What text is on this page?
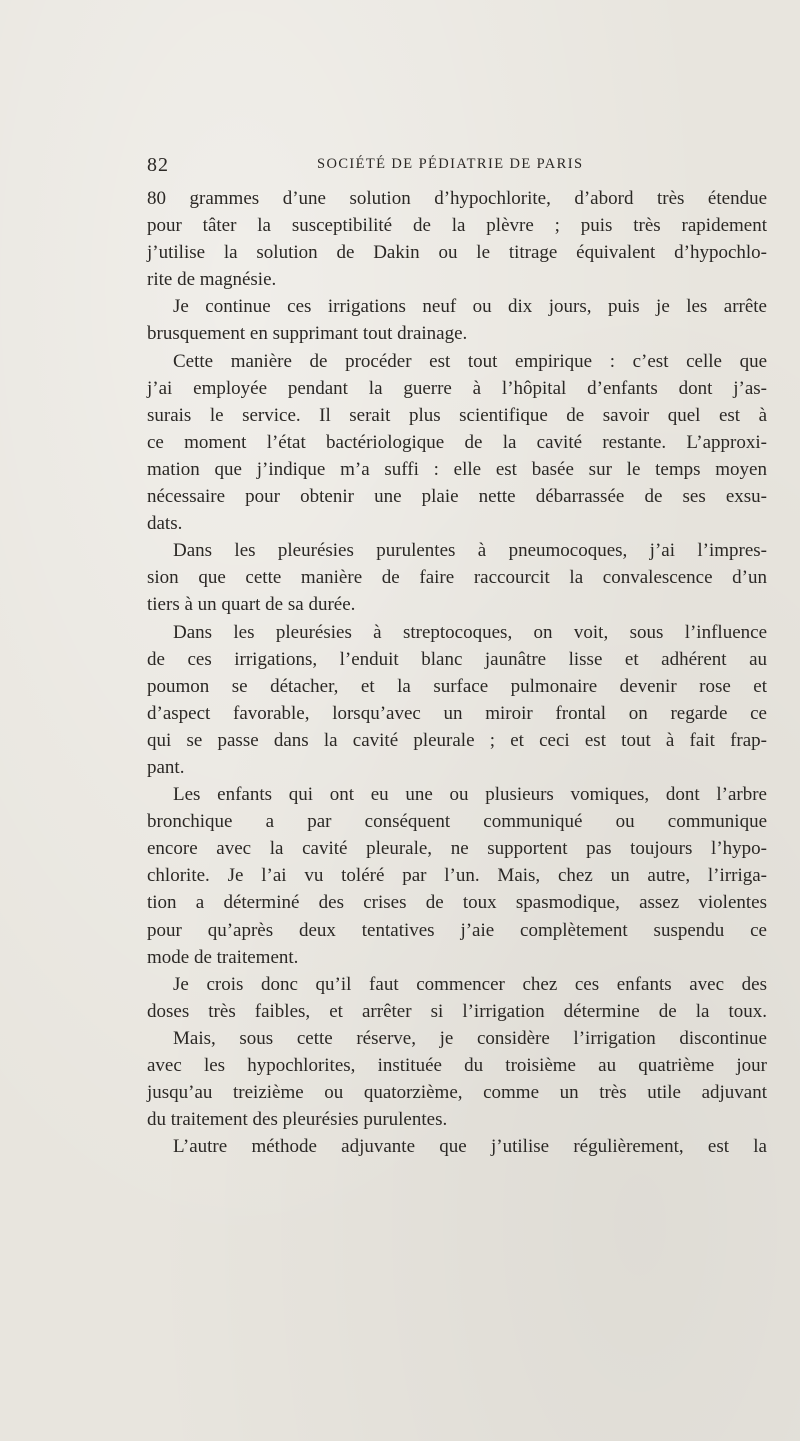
82	SOCIÉTÉ DE PÉDIATRIE DE PARIS
80 grammes d’une solution d’hypochlorite, d’abord très étendue
pour tâter la susceptibilité de la plèvre ; puis très rapidement
j’utilise la solution de Dakin ou le titrage équivalent d’hypochlo-
rite de magnésie.
Je continue ces irrigations neuf ou dix jours, puis je les arrête
brusquement en supprimant tout drainage.
Cette manière de procéder est tout empirique : c’est celle que
j’ai employée pendant la guerre à l’hôpital d’enfants dont j’as-
surais le service. Il serait plus scientifique de savoir quel est à
ce moment l’état bactériologique de la cavité restante. L’approxi-
mation que j’indique m’a suffi : elle est basée sur le temps moyen
nécessaire pour obtenir une plaie nette débarrassée de ses exsu-
dats.
Dans les pleurésies purulentes à pneumocoques, j’ai l’impres-
sion que cette manière de faire raccourcit la convalescence d’un
tiers à un quart de sa durée.
Dans les pleurésies à streptocoques, on voit, sous l’influence
de ces irrigations, l’enduit blanc jaunâtre lisse et adhérent au
poumon se détacher, et la surface pulmonaire devenir rose et
d’aspect favorable, lorsqu’avec un miroir frontal on regarde ce
qui se passe dans la cavité pleurale ; et ceci est tout à fait frap-
pant.
Les enfants qui ont eu une ou plusieurs vomiques, dont l’arbre
bronchique a par conséquent communiqué ou communique
encore avec la cavité pleurale, ne supportent pas toujours l’hypo-
chlorite. Je l’ai vu toléré par l’un. Mais, chez un autre, l’irriga-
tion a déterminé des crises de toux spasmodique, assez violentes
pour qu’après deux tentatives j’aie complètement suspendu ce
mode de traitement.
Je crois donc qu’il faut commencer chez ces enfants avec des
doses très faibles, et arrêter si l’irrigation détermine de la toux.
Mais, sous cette réserve, je considère l’irrigation discontinue
avec les hypochlorites, instituée du troisième au quatrième jour
jusqu’au treizième ou quatorzième, comme un très utile adjuvant
du traitement des pleurésies purulentes.
L’autre méthode adjuvante que j’utilise régulièrement, est la
